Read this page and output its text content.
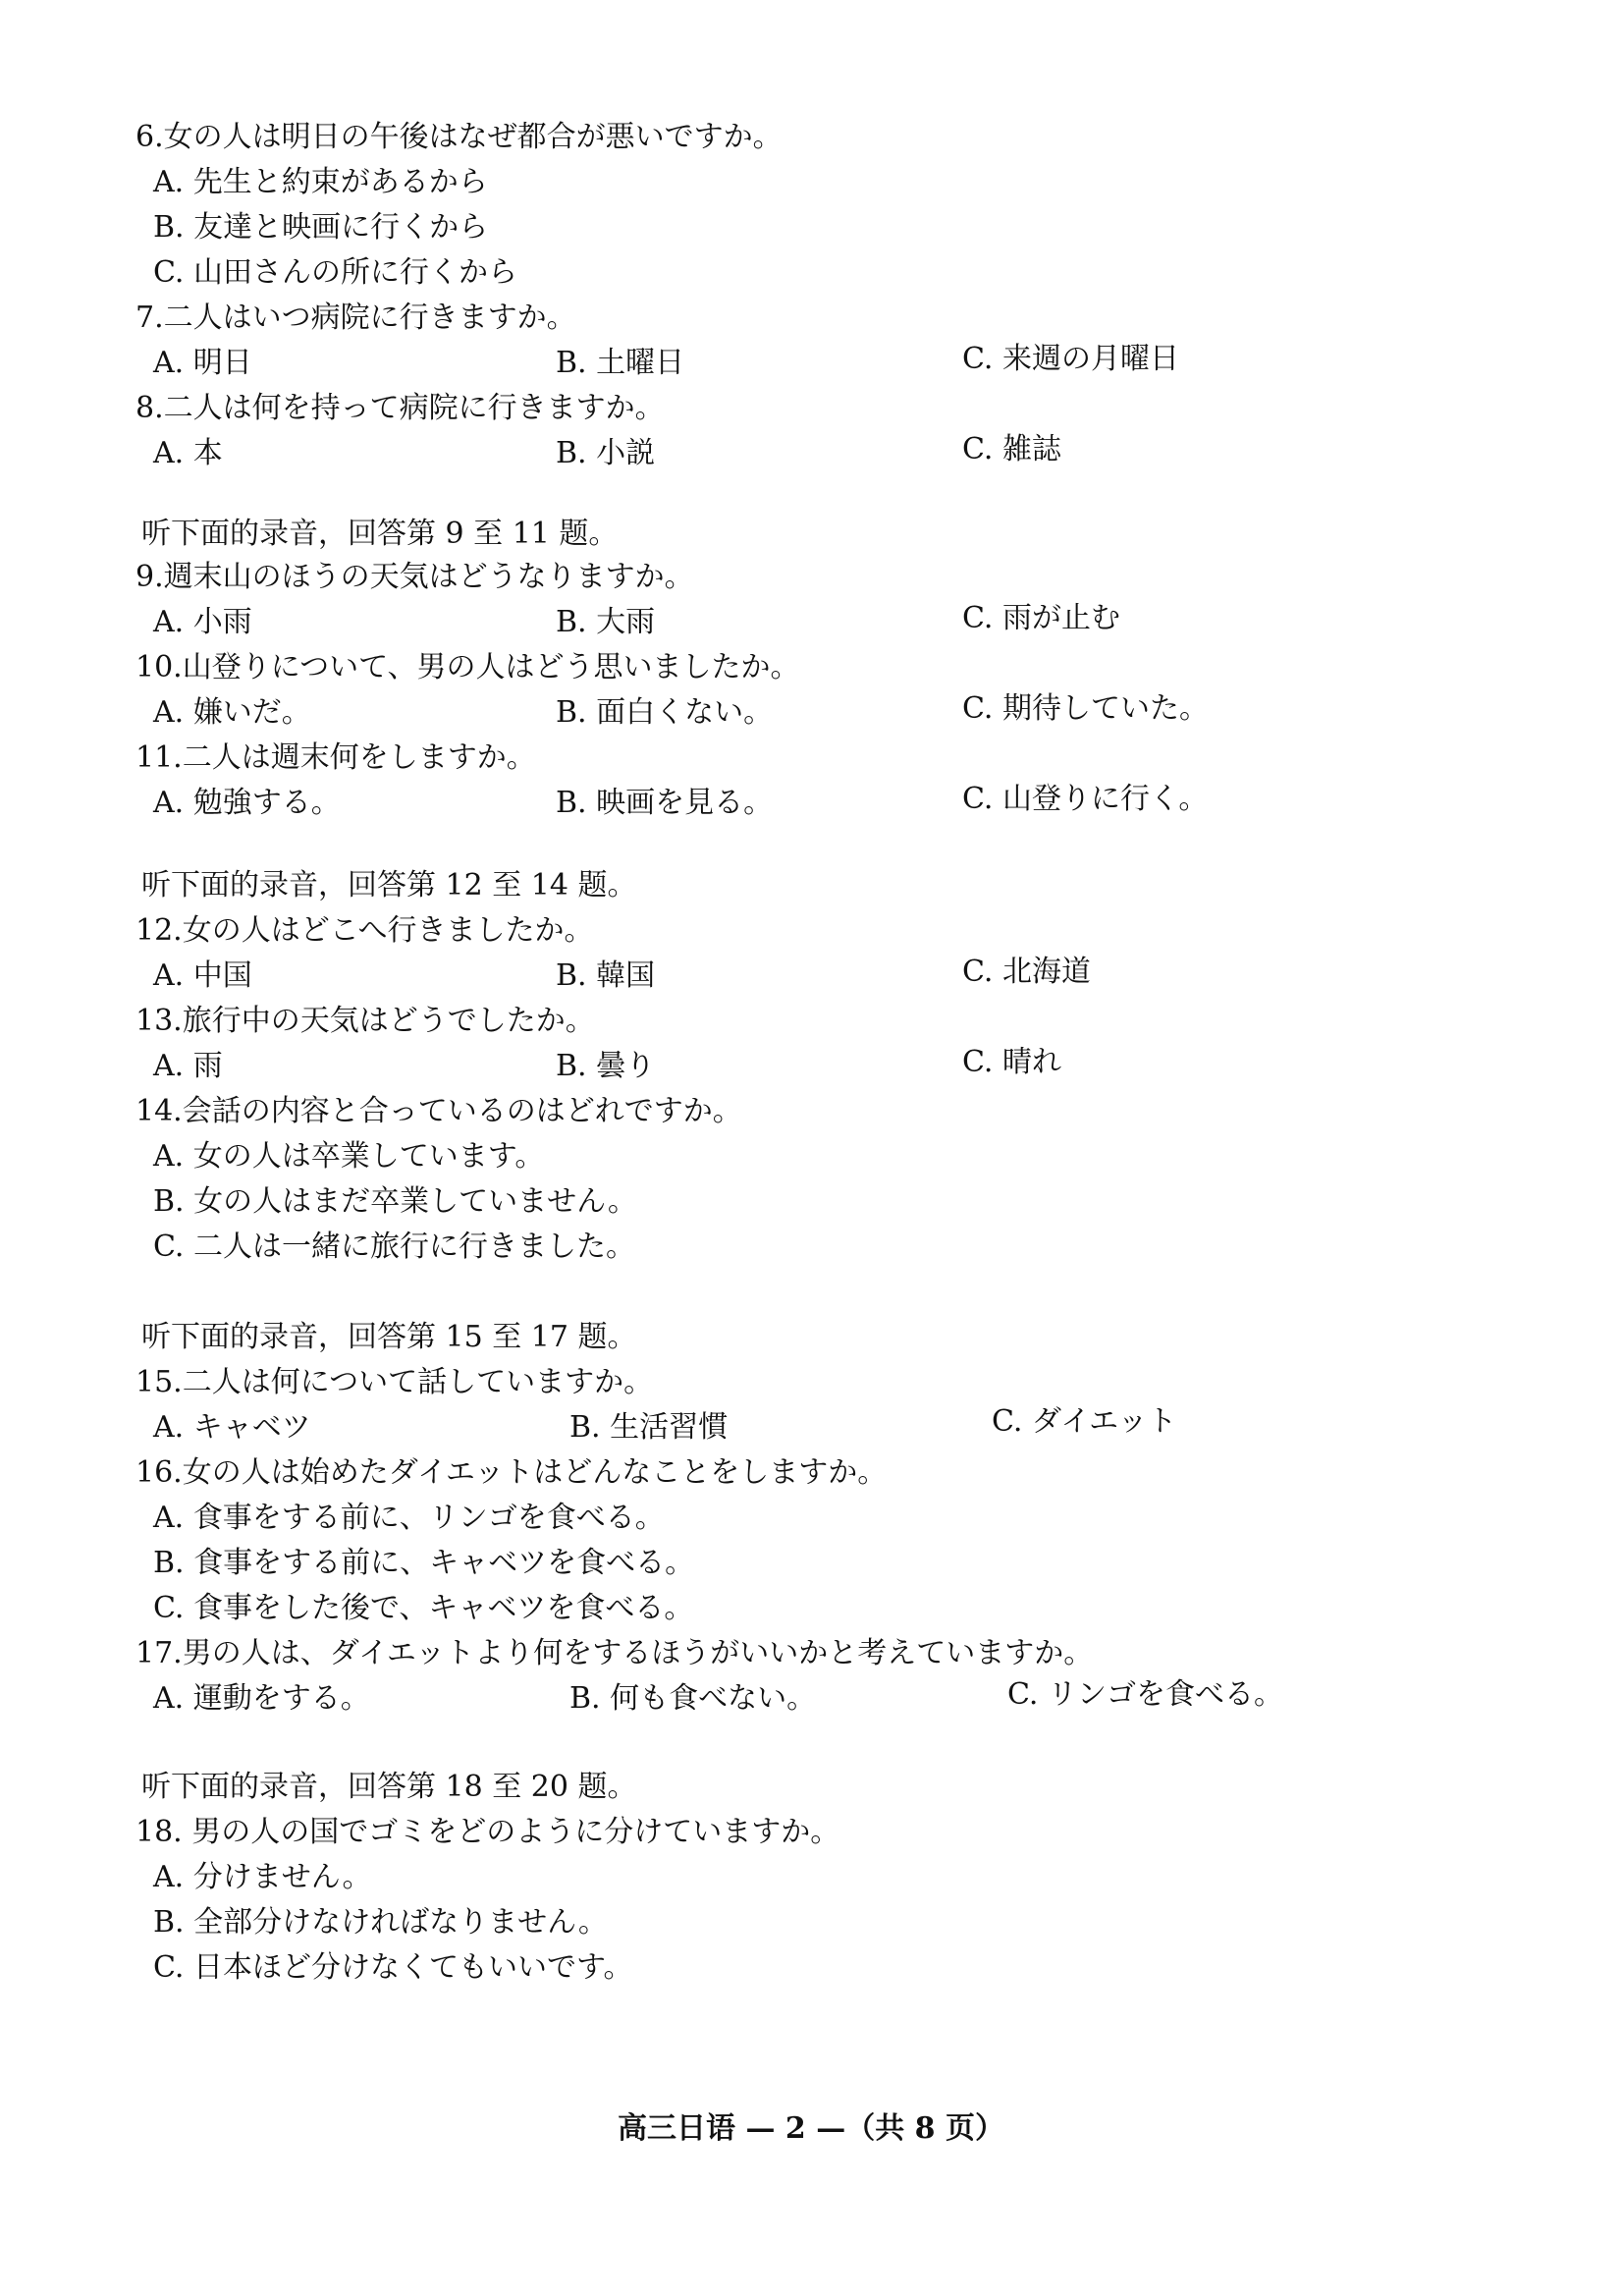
6.女の人は明日の午後はなぜ都合が悪いですか。
A. 先生と約束があるから
B. 友達と映画に行くから
C. 山田さんの所に行くから
7.二人はいつ病院に行きますか。
A. 明日	B. 土曜日	C. 来週の月曜日
8.二人は何を持って病院に行きますか。
A. 本	B. 小説	C. 雑誌
听下面的录音，回答第 9 至 11 题。
9.週末山のほうの天気はどうなりますか。
A. 小雨	B. 大雨	C. 雨が止む
10.山登りについて、男の人はどう思いましたか。
A. 嫌いだ。	B. 面白くない。	C. 期待していた。
11.二人は週末何をしますか。
A. 勉強する。	B. 映画を見る。	C. 山登りに行く。
听下面的录音，回答第 12 至 14 题。
12.女の人はどこへ行きましたか。
A. 中国	B. 韓国	C. 北海道
13.旅行中の天気はどうでしたか。
A. 雨	B. 曇り	C. 晴れ
14.会話の内容と合っているのはどれですか。
A. 女の人は卒業しています。
B. 女の人はまだ卒業していません。
C. 二人は一緒に旅行に行きました。
听下面的录音，回答第 15 至 17 题。
15.二人は何について話していますか。
A. キャベツ	B. 生活習慣	C. ダイエット
16.女の人は始めたダイエットはどんなことをしますか。
A. 食事をする前に、リンゴを食べる。
B. 食事をする前に、キャベツを食べる。
C. 食事をした後で、キャベツを食べる。
17.男の人は、ダイエットより何をするほうがいいかと考えていますか。
A. 運動をする。	B. 何も食べない。	C. リンゴを食べる。
听下面的录音，回答第 18 至 20 题。
18. 男の人の国でゴミをどのように分けていますか。
A. 分けません。
B. 全部分けなければなりません。
C. 日本ほど分けなくてもいいです。
高三日语 — 2 —（共 8 页）
